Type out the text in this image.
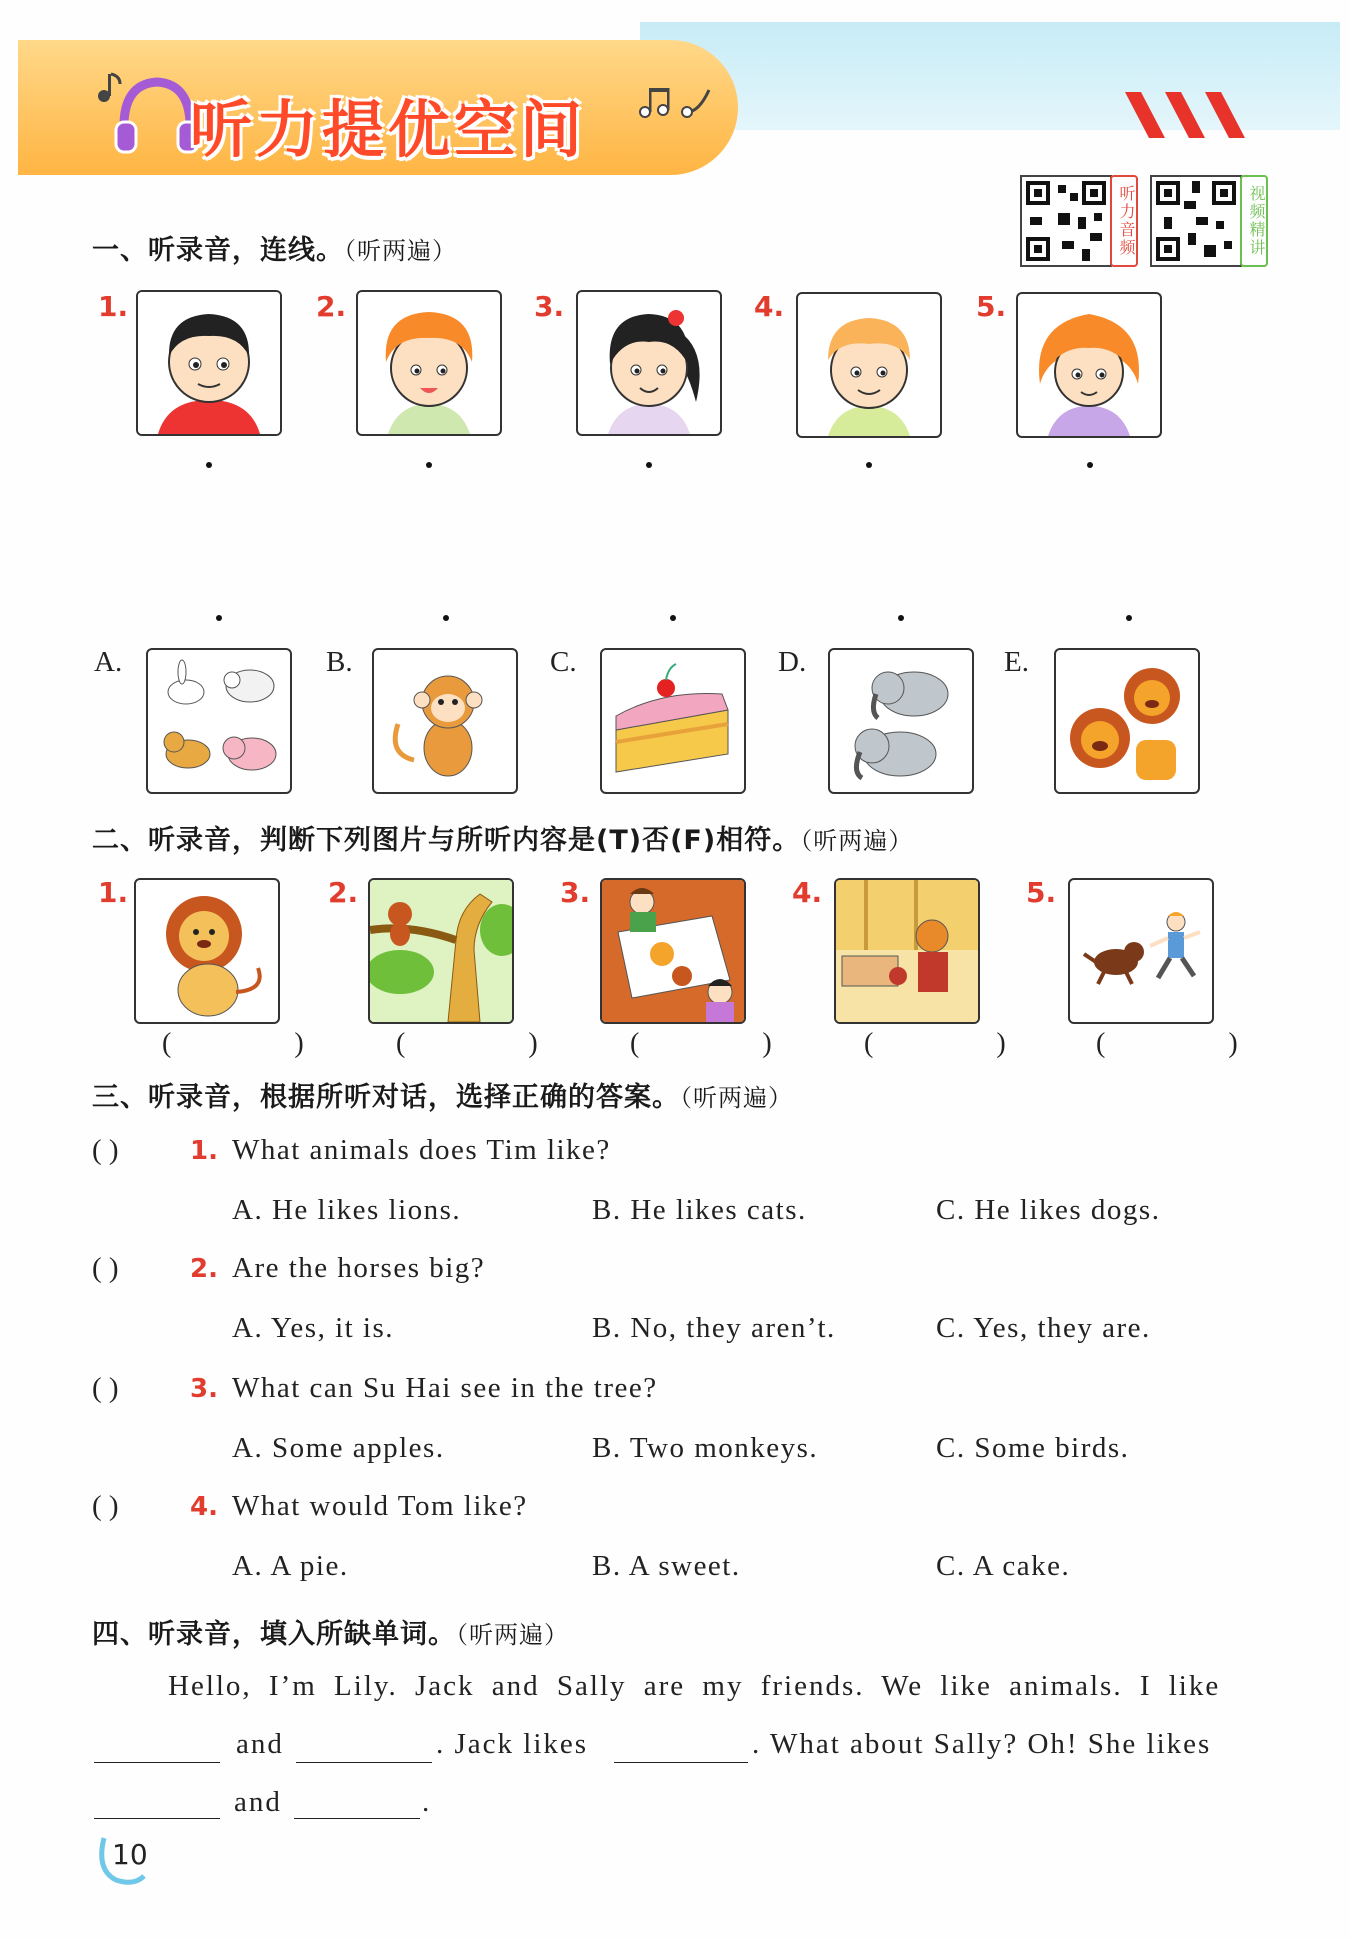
听力提优空间
听力音频	视频精讲
一、听录音，连线。（听两遍）
1.	2.	3.	4.	5.
A.	B.	C.	D.	E.
二、听录音，判断下列图片与所听内容是(T)否(F)相符。（听两遍）
1.	2.	3.	4.	5.
( ) ( ) ( ) ( ) ( )
三、听录音，根据所听对话，选择正确的答案。（听两遍）
( )	1. What animals does Tim like?
A. He likes lions.	B. He likes cats.	C. He likes dogs.
( )	2. Are the horses big?
A. Yes, it is.	B. No, they aren’t.	C. Yes, they are.
( )	3. What can Su Hai see in the tree?
A. Some apples.	B. Two monkeys.	C. Some birds.
( )	4. What would Tom like?
A. A pie.	B. A sweet.	C. A cake.
四、听录音，填入所缺单词。（听两遍）
Hello, I’m Lily. Jack and Sally are my friends. We like animals. I like
and	. Jack likes	. What about Sally? Oh! She likes
and	.
10
